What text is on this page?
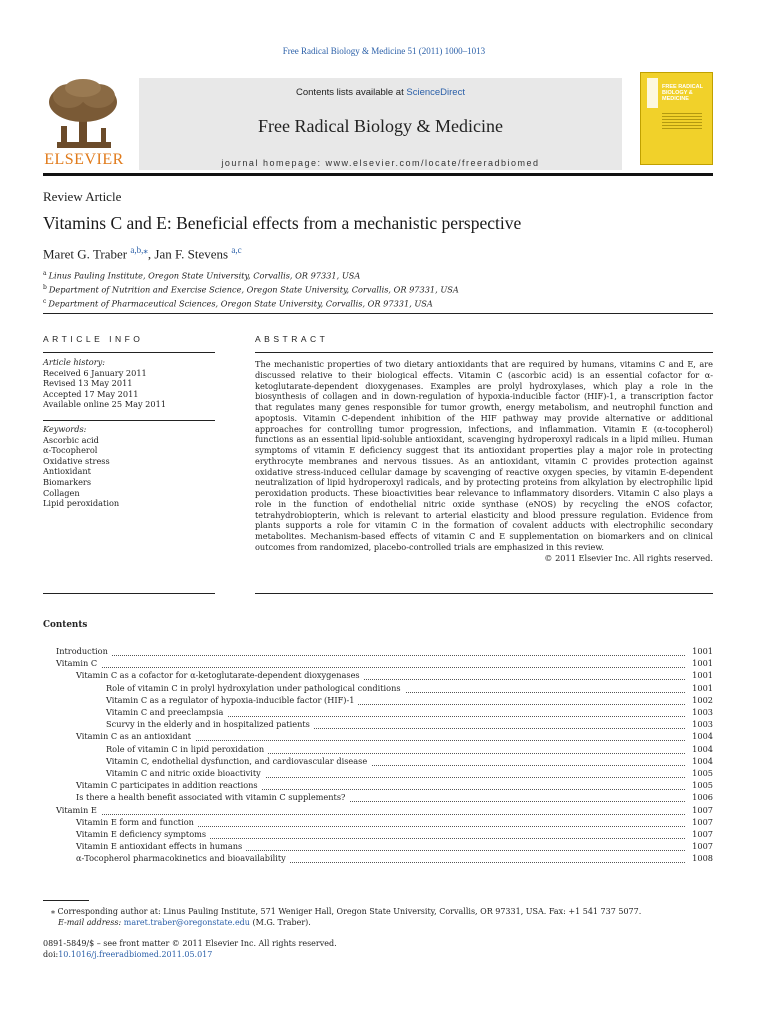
Free Radical Biology & Medicine 51 (2011) 1000–1013
ELSEVIER
Contents lists available at ScienceDirect
Free Radical Biology & Medicine
journal homepage: www.elsevier.com/locate/freeradbiomed
FREE RADICAL BIOLOGY & MEDICINE
Review Article
Vitamins C and E: Beneficial effects from a mechanistic perspective
Maret G. Traber $^{a,b,⁎}$, Jan F. Stevens $^{a,c}$
$^a$ Linus Pauling Institute, Oregon State University, Corvallis, OR 97331, USA
$^b$ Department of Nutrition and Exercise Science, Oregon State University, Corvallis, OR 97331, USA
$^c$ Department of Pharmaceutical Sciences, Oregon State University, Corvallis, OR 97331, USA
ARTICLE INFO	ABSTRACT
Article history:
Received 6 January 2011
Revised 13 May 2011
Accepted 17 May 2011
Available online 25 May 2011
Keywords:
Ascorbic acid
α-Tocopherol
Oxidative stress
Antioxidant
Biomarkers
Collagen
Lipid peroxidation
The mechanistic properties of two dietary antioxidants that are required by humans, vitamins C and E, are discussed relative to their biological effects. Vitamin C (ascorbic acid) is an essential cofactor for α-ketoglutarate-dependent dioxygenases. Examples are prolyl hydroxylases, which play a role in the biosynthesis of collagen and in down-regulation of hypoxia-inducible factor (HIF)-1, a transcription factor that regulates many genes responsible for tumor growth, energy metabolism, and neutrophil function and apoptosis. Vitamin C-dependent inhibition of the HIF pathway may provide alternative or additional approaches for controlling tumor progression, infections, and inflammation. Vitamin E (α-tocopherol) functions as an essential lipid-soluble antioxidant, scavenging hydroperoxyl radicals in a lipid milieu. Human symptoms of vitamin E deficiency suggest that its antioxidant properties play a major role in protecting erythrocyte membranes and nervous tissues. As an antioxidant, vitamin C provides protection against oxidative stress-induced cellular damage by scavenging of reactive oxygen species, by vitamin E-dependent neutralization of lipid hydroperoxyl radicals, and by protecting proteins from alkylation by electrophilic lipid peroxidation products. These bioactivities bear relevance to inflammatory disorders. Vitamin C also plays a role in the function of endothelial nitric oxide synthase (eNOS) by recycling the eNOS cofactor, tetrahydrobiopterin, which is relevant to arterial elasticity and blood pressure regulation. Evidence from plants supports a role for vitamin C in the formation of covalent adducts with electrophilic secondary metabolites. Mechanism-based effects of vitamin C and E supplementation on biomarkers and on clinical outcomes from randomized, placebo-controlled trials are emphasized in this review.
© 2011 Elsevier Inc. All rights reserved.
Contents
Introduction	1001
Vitamin C	1001
Vitamin C as a cofactor for α-ketoglutarate-dependent dioxygenases	1001
Role of vitamin C in prolyl hydroxylation under pathological conditions	1001
Vitamin C as a regulator of hypoxia-inducible factor (HIF)-1	1002
Vitamin C and preeclampsia	1003
Scurvy in the elderly and in hospitalized patients	1003
Vitamin C as an antioxidant	1004
Role of vitamin C in lipid peroxidation	1004
Vitamin C, endothelial dysfunction, and cardiovascular disease	1004
Vitamin C and nitric oxide bioactivity	1005
Vitamin C participates in addition reactions	1005
Is there a health benefit associated with vitamin C supplements?	1006
Vitamin E	1007
Vitamin E form and function	1007
Vitamin E deficiency symptoms	1007
Vitamin E antioxidant effects in humans	1007
α-Tocopherol pharmacokinetics and bioavailability	1008
⁎ Corresponding author at: Linus Pauling Institute, 571 Weniger Hall, Oregon State University, Corvallis, OR 97331, USA. Fax: +1 541 737 5077.
E-mail address: maret.traber@oregonstate.edu (M.G. Traber).
0891-5849/$ – see front matter © 2011 Elsevier Inc. All rights reserved.
doi:10.1016/j.freeradbiomed.2011.05.017
